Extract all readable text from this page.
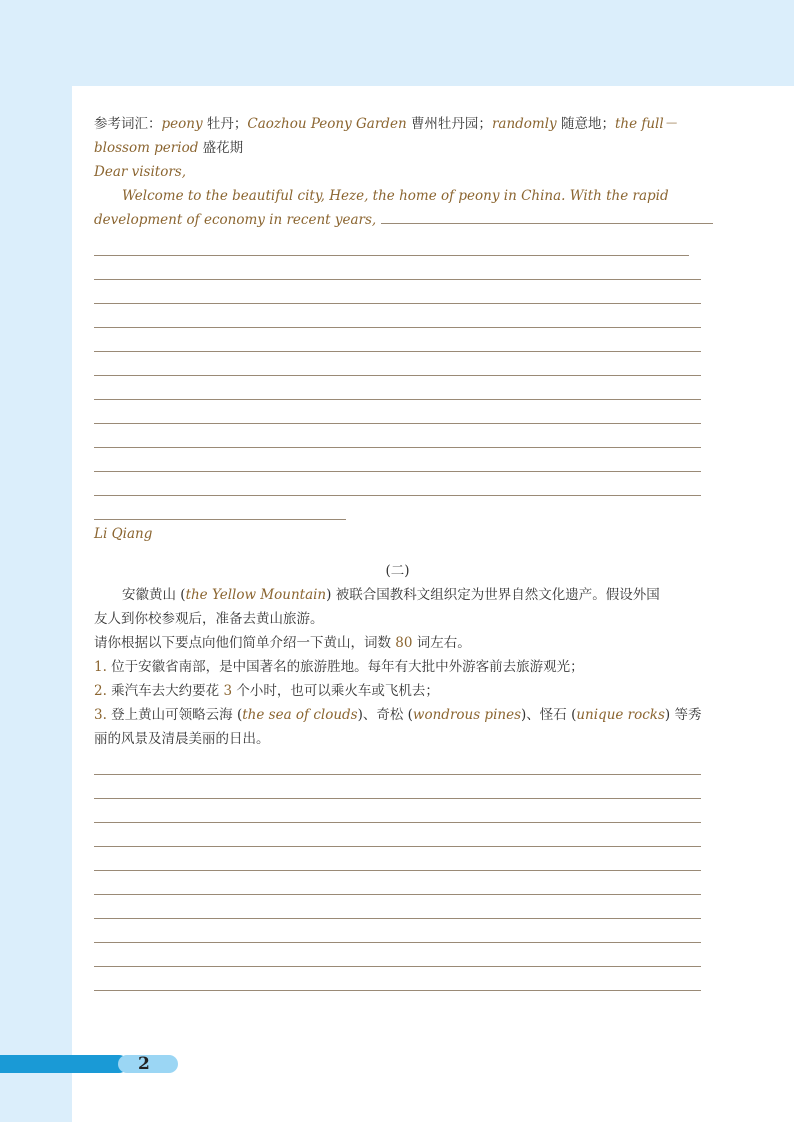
参考词汇：peony 牡丹；Caozhou Peony Garden 曹州牡丹园；randomly 随意地；the full－
blossom period 盛花期
Dear visitors,
Welcome to the beautiful city, Heze, the home of peony in China. With the rapid
development of economy in recent years,
Li Qiang
(二)
安徽黄山 (the Yellow Mountain) 被联合国教科文组织定为世界自然文化遗产。假设外国
友人到你校参观后，准备去黄山旅游。
请你根据以下要点向他们简单介绍一下黄山，词数 80 词左右。
1. 位于安徽省南部，是中国著名的旅游胜地。每年有大批中外游客前去旅游观光；
2. 乘汽车去大约要花 3 个小时，也可以乘火车或飞机去；
3. 登上黄山可领略云海 (the sea of clouds)、奇松 (wondrous pines)、怪石 (unique rocks) 等秀
丽的风景及清晨美丽的日出。
2
